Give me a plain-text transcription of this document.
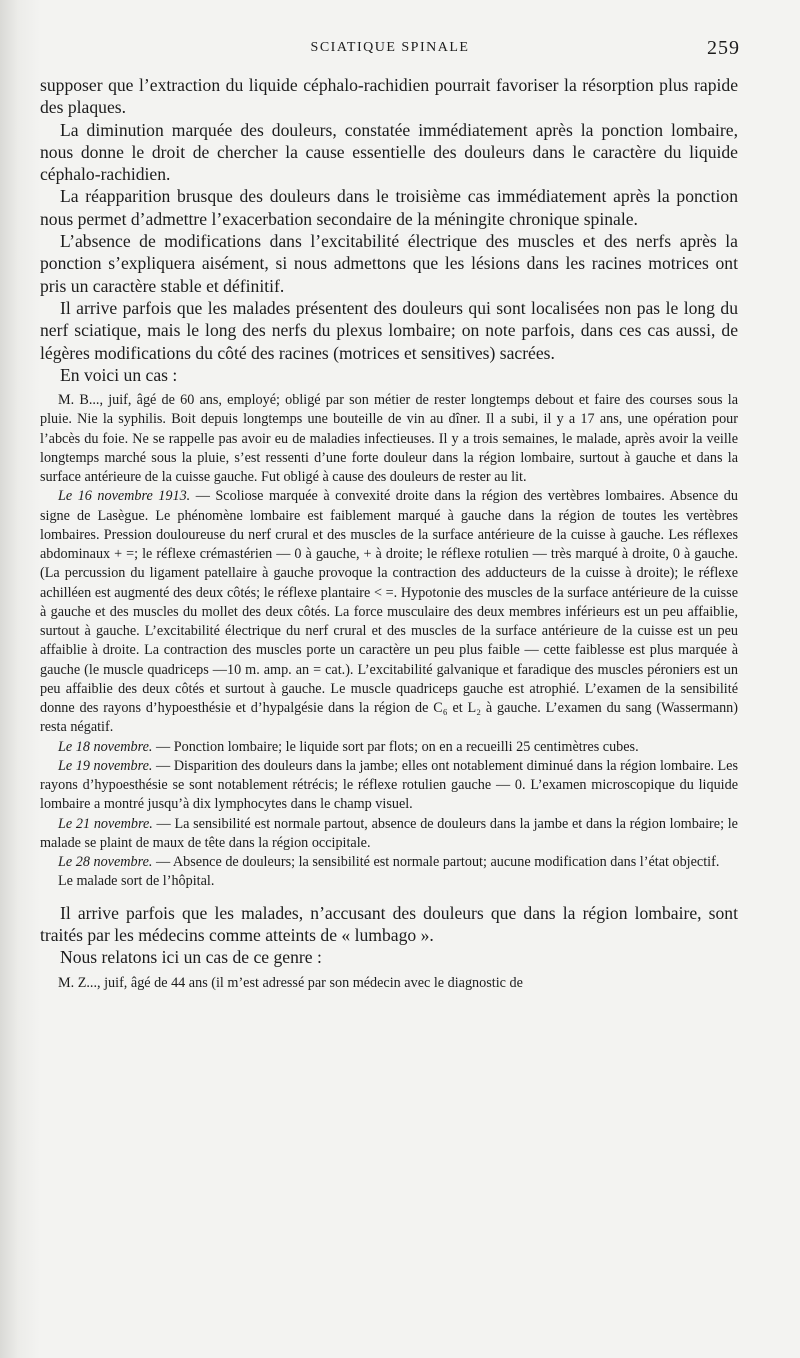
SCIATIQUE SPINALE	259

supposer que l’extraction du liquide céphalo-rachidien pourrait favoriser la résorption plus rapide des plaques.

La diminution marquée des douleurs, constatée immédiatement après la ponction lombaire, nous donne le droit de chercher la cause essentielle des douleurs dans le caractère du liquide céphalo-rachidien.

La réapparition brusque des douleurs dans le troisième cas immédiatement après la ponction nous permet d’admettre l’exacerbation secondaire de la méningite chronique spinale.

L’absence de modifications dans l’excitabilité électrique des muscles et des nerfs après la ponction s’expliquera aisément, si nous admettons que les lésions dans les racines motrices ont pris un caractère stable et définitif.

Il arrive parfois que les malades présentent des douleurs qui sont localisées non pas le long du nerf sciatique, mais le long des nerfs du plexus lombaire; on note parfois, dans ces cas aussi, de légères modifications du côté des racines (motrices et sensitives) sacrées.

En voici un cas :

M. B..., juif, âgé de 60 ans, employé; obligé par son métier de rester longtemps debout et faire des courses sous la pluie. Nie la syphilis. Boit depuis longtemps une bouteille de vin au dîner. Il a subi, il y a 17 ans, une opération pour l’abcès du foie. Ne se rappelle pas avoir eu de maladies infectieuses. Il y a trois semaines, le malade, après avoir la veille longtemps marché sous la pluie, s’est ressenti d’une forte douleur dans la région lombaire, surtout à gauche et dans la surface antérieure de la cuisse gauche. Fut obligé à cause des douleurs de rester au lit.

Le 16 novembre 1913. — Scoliose marquée à convexité droite dans la région des vertèbres lombaires. Absence du signe de Lasègue. Le phénomène lombaire est faiblement marqué à gauche dans la région de toutes les vertèbres lombaires. Pression douloureuse du nerf crural et des muscles de la surface antérieure de la cuisse à gauche. Les réflexes abdominaux + =; le réflexe crémastérien — 0 à gauche, + à droite; le réflexe rotulien — très marqué à droite, 0 à gauche. (La percussion du ligament patellaire à gauche provoque la contraction des adducteurs de la cuisse à droite); le réflexe achilléen est augmenté des deux côtés; le réflexe plantaire < =. Hypotonie des muscles de la surface antérieure de la cuisse à gauche et des muscles du mollet des deux côtés. La force musculaire des deux membres inférieurs est un peu affaiblie, surtout à gauche. L’excitabilité électrique du nerf crural et des muscles de la surface antérieure de la cuisse est un peu affaiblie à droite. La contraction des muscles porte un caractère un peu plus faible — cette faiblesse est plus marquée à gauche (le muscle quadriceps —10 m. amp. an = cat.). L’excitabilité galvanique et faradique des muscles péroniers est un peu affaiblie des deux côtés et surtout à gauche. Le muscle quadriceps gauche est atrophié. L’examen de la sensibilité donne des rayons d’hypoesthésie et d’hypalgésie dans la région de C₆ et L₂ à gauche. L’examen du sang (Wassermann) resta négatif.

Le 18 novembre. — Ponction lombaire; le liquide sort par flots; on en a recueilli 25 centimètres cubes.

Le 19 novembre. — Disparition des douleurs dans la jambe; elles ont notablement diminué dans la région lombaire. Les rayons d’hypoesthésie se sont notablement rétrécis; le réflexe rotulien gauche — 0. L’examen microscopique du liquide lombaire a montré jusqu’à dix lymphocytes dans le champ visuel.

Le 21 novembre. — La sensibilité est normale partout, absence de douleurs dans la jambe et dans la région lombaire; le malade se plaint de maux de tête dans la région occipitale.

Le 28 novembre. — Absence de douleurs; la sensibilité est normale partout; aucune modification dans l’état objectif.

Le malade sort de l’hôpital.

Il arrive parfois que les malades, n’accusant des douleurs que dans la région lombaire, sont traités par les médecins comme atteints de « lumbago ».

Nous relatons ici un cas de ce genre :

M. Z..., juif, âgé de 44 ans (il m’est adressé par son médecin avec le diagnostic de
